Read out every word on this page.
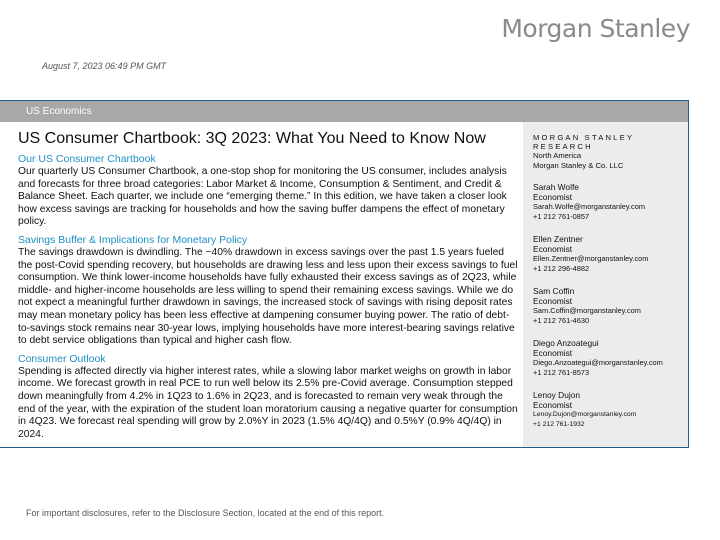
Morgan Stanley
August 7, 2023 06:49 PM GMT
US Economics
US Consumer Chartbook: 3Q 2023: What You Need to Know Now
Our US Consumer Chartbook

Our quarterly US Consumer Chartbook, a one-stop shop for monitoring the US consumer, includes analysis and forecasts for three broad categories: Labor Market & Income, Consumption & Sentiment, and Credit & Balance Sheet. Each quarter, we include one “emerging theme.” In this edition, we have taken a closer look how excess savings are tracking for households and how the saving buffer dampens the effect of monetary policy.

Savings Buffer & Implications for Monetary Policy

The savings drawdown is dwindling. The ~40% drawdown in excess savings over the past 1.5 years fueled the post-Covid spending recovery, but households are drawing less and less upon their excess savings to fuel consumption. We think lower-income households have fully exhausted their excess savings as of 2Q23, while middle- and higher-income households are less willing to spend their remaining excess savings. While we do not expect a meaningful further drawdown in savings, the increased stock of savings with rising deposit rates may mean monetary policy has been less effective at dampening consumer buying power. The ratio of debt-to-savings stock remains near 30-year lows, implying households have more interest-bearing savings relative to debt service obligations than typical and higher cash flow.

Consumer Outlook

Spending is affected directly via higher interest rates, while a slowing labor market weighs on growth in labor income. We forecast growth in real PCE to run well below its 2.5% pre-Covid average. Consumption stepped down meaningfully from 4.2% in 1Q23 to 1.6% in 2Q23, and is forecasted to remain very weak through the end of the year, with the expiration of the student loan moratorium causing a negative quarter for consumption in 4Q23. We forecast real spending will grow by 2.0%Y in 2023 (1.5% 4Q/4Q) and 0.5%Y (0.9% 4Q/4Q) in 2024.

MORGAN STANLEY RESEARCH
North America
Morgan Stanley & Co. LLC
Sarah Wolfe
Economist
Sarah.Wolfe@morganstanley.com
+1 212 761-0857
Ellen Zentner
Economist
Ellen.Zentner@morganstanley.com
+1 212 296-4882
Sam Coffin
Economist
Sam.Coffin@morganstanley.com
+1 212 761-4630
Diego Anzoategui
Economist
Diego.Anzoategui@morganstanley.com
+1 212 761-8573
Lenoy Dujon
Economist
Lenoy.Dujon@morganstanley.com
+1 212 761-1932
For important disclosures, refer to the Disclosure Section, located at the end of this report.
